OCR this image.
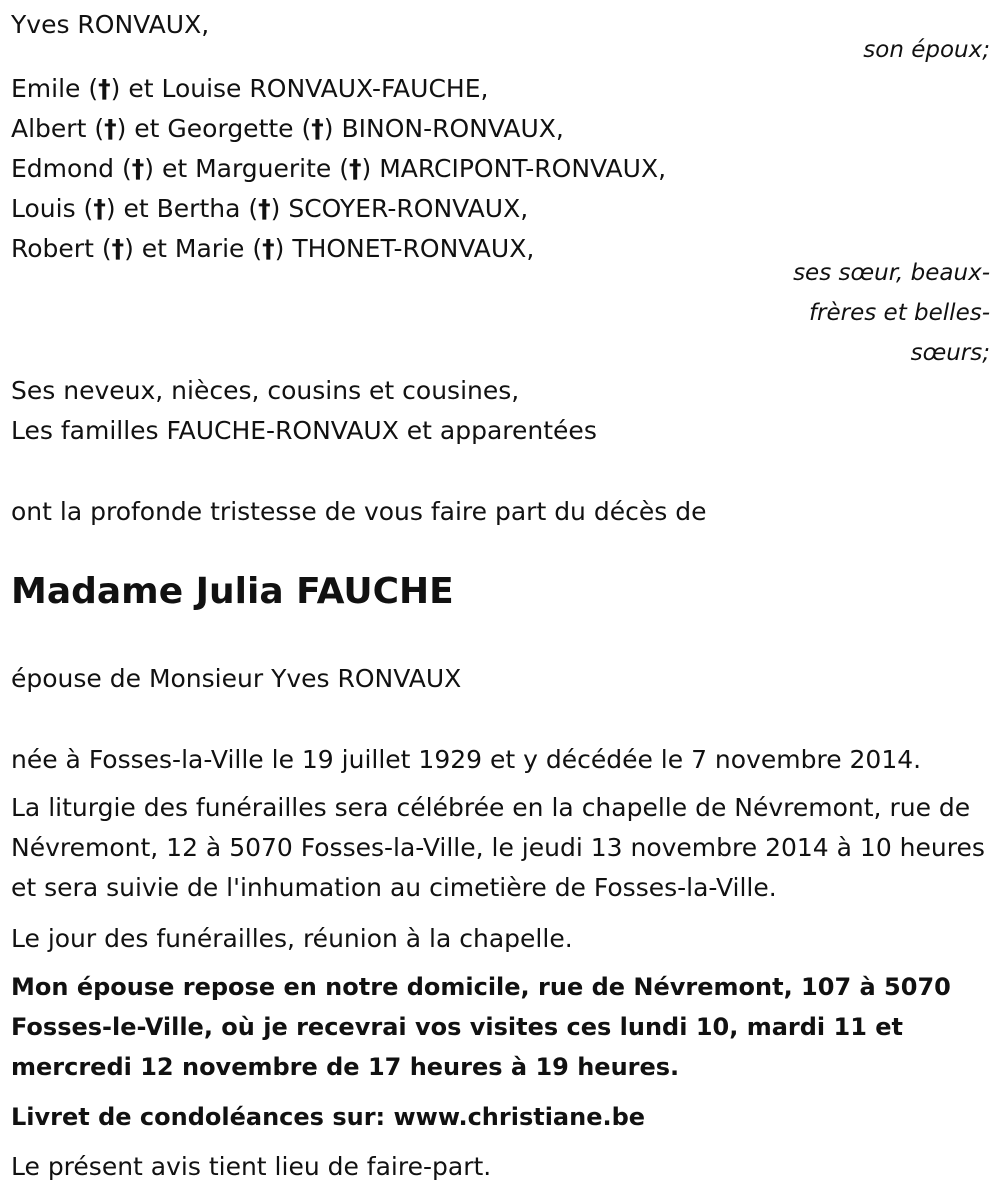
Yves RONVAUX,
son époux;
Emile (†) et Louise RONVAUX-FAUCHE,
Albert (†) et Georgette (†) BINON-RONVAUX,
Edmond (†) et Marguerite (†) MARCIPONT-RONVAUX,
Louis (†) et Bertha (†) SCOYER-RONVAUX,
Robert (†) et Marie (†) THONET-RONVAUX,
ses sœur, beaux-
frères et belles-
sœurs;
Ses neveux, nièces, cousins et cousines,
Les familles FAUCHE-RONVAUX et apparentées
ont la profonde tristesse de vous faire part du décès de
Madame Julia FAUCHE
épouse de Monsieur Yves RONVAUX
née à Fosses-la-Ville le 19 juillet 1929 et y décédée le 7 novembre 2014.
La liturgie des funérailles sera célébrée en la chapelle de Névremont, rue de Névremont, 12 à 5070 Fosses-la-Ville, le jeudi 13 novembre 2014 à 10 heures et sera suivie de l'inhumation au cimetière de Fosses-la-Ville.
Le jour des funérailles, réunion à la chapelle.
Mon épouse repose en notre domicile, rue de Névremont, 107 à 5070 Fosses-le-Ville, où je recevrai vos visites ces lundi 10, mardi 11 et mercredi 12 novembre de 17 heures à 19 heures.
Livret de condoléances sur: www.christiane.be
Le présent avis tient lieu de faire-part.
